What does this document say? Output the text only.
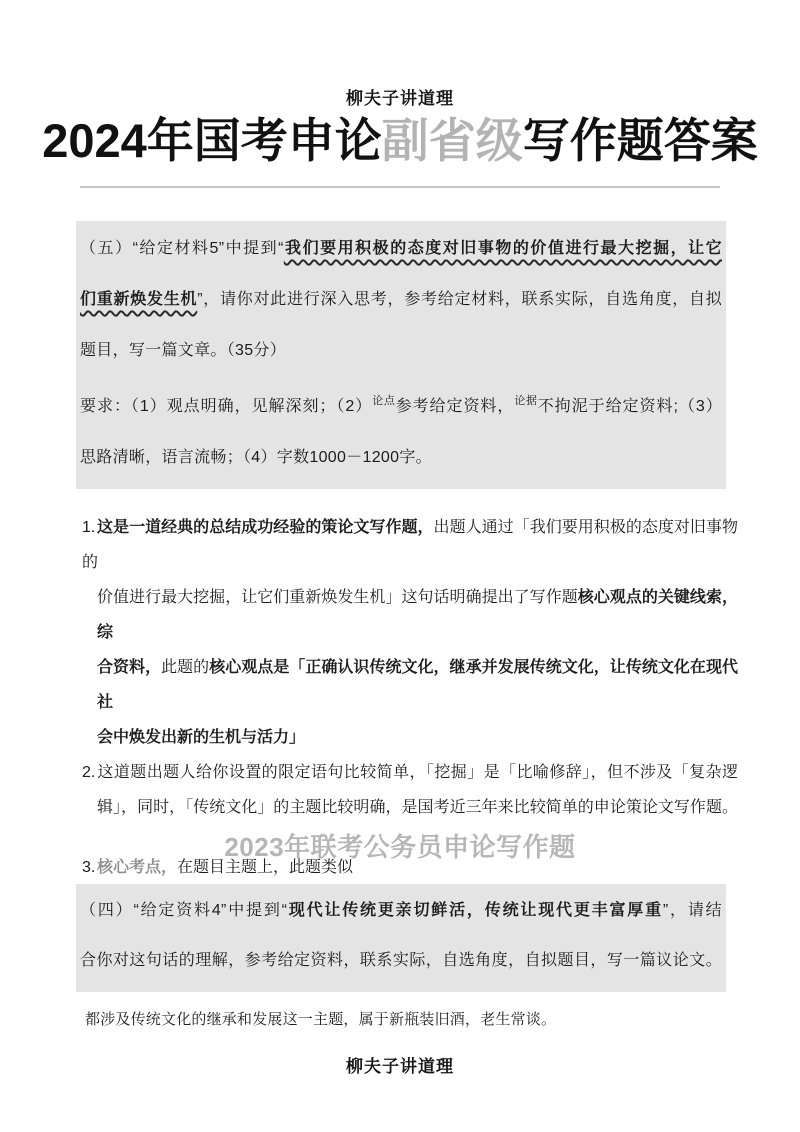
柳夫子讲道理
2024年国考申论副省级写作题答案
（五）“给定材料5”中提到“我们要用积极的态度对旧事物的价值进行最大挖掘，让它
们重新焕发生机”，请你对此进行深入思考，参考给定材料，联系实际，自选角度，自拟
题目，写一篇文章。（35分）
要求：（1）观点明确，见解深刻；$(2)^{论点}$参考给定资料，$^{论据}$不拘泥于给定资料;（3）
思路清晰，语言流畅；（4）字数1000－1200字。
1. 这是一道经典的总结成功经验的策论文写作题，出题人通过「我们要用积极的态度对旧事物的
价值进行最大挖掘，让它们重新焕发生机」这句话明确提出了写作题核心观点的关键线索，综
合资料，此题的核心观点是「正确认识传统文化，继承并发展传统文化，让传统文化在现代社
会中焕发出新的生机与活力」
2. 这道题出题人给你设置的限定语句比较简单，「挖掘」是「比喻修辞」，但不涉及「复杂逻
辑」，同时，「传统文化」的主题比较明确，是国考近三年来比较简单的申论策论文写作题。
3. 核心考点，在题目主题上，此题类似
2023年联考公务员申论写作题
（四）“给定资料4”中提到“现代让传统更亲切鲜活，传统让现代更丰富厚重”，请结
合你对这句话的理解，参考给定资料，联系实际，自选角度，自拟题目，写一篇议论文。
都涉及传统文化的继承和发展这一主题，属于新瓶装旧酒，老生常谈。
柳夫子讲道理
